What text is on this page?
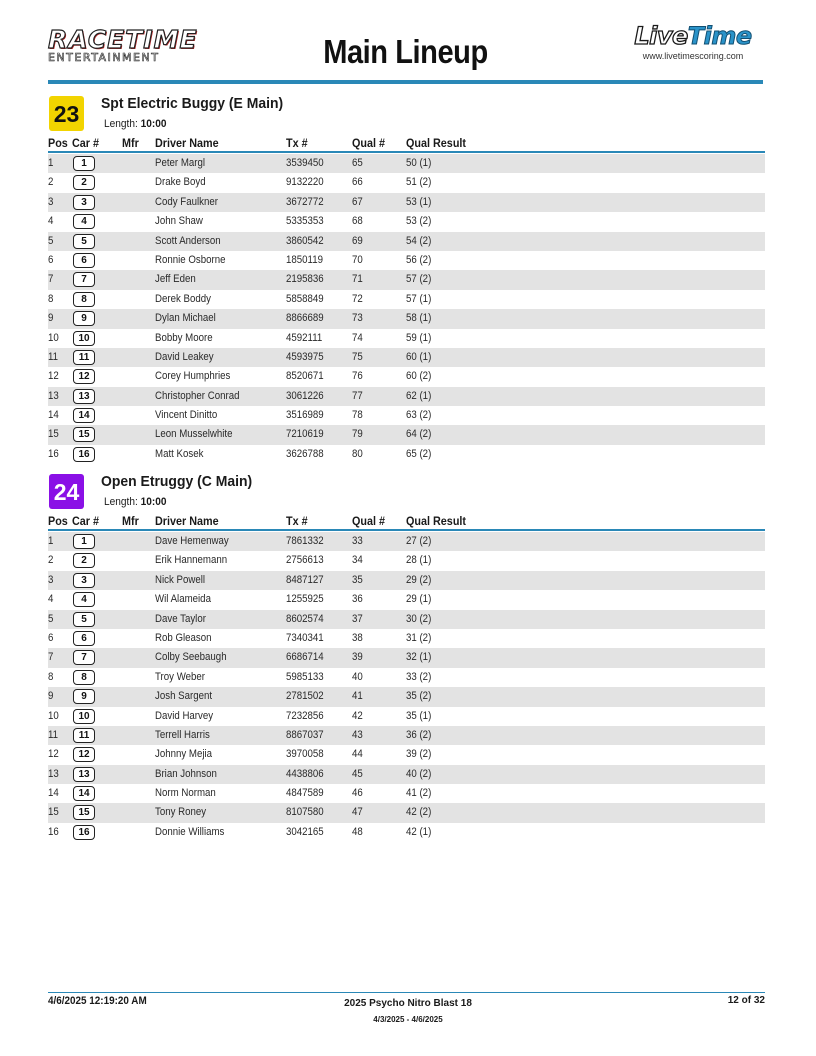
RACETIME
ENTERTAINMENT	Main Lineup	LiveTime
www.livetimescoring.com
23	Spt Electric Buggy (E Main)
Length: 10:00
Pos Car # Mfr Driver Name	Tx #	Qual # Qual Result
1	1	Peter Margl	3539450	65	50 (1)
2	2	Drake Boyd	9132220	66	51 (2)
3	3	Cody Faulkner	3672772	67	53 (1)
4	4	John Shaw	5335353	68	53 (2)
5	5	Scott Anderson	3860542	69	54 (2)
6	6	Ronnie Osborne	1850119	70	56 (2)
7	7	Jeff Eden	2195836	71	57 (2)
8	8	Derek Boddy	5858849	72	57 (1)
9	9	Dylan Michael	8866689	73	58 (1)
10	10	Bobby Moore	4592111	74	59 (1)
11	11	David Leakey	4593975	75	60 (1)
12	12	Corey Humphries	8520671	76	60 (2)
13	13	Christopher Conrad	3061226	77	62 (1)
14	14	Vincent Dinitto	3516989	78	63 (2)
15	15	Leon Musselwhite	7210619	79	64 (2)
16	16	Matt Kosek	3626788	80	65 (2)
24	Open Etruggy (C Main)
Length: 10:00
Pos Car # Mfr Driver Name	Tx #	Qual # Qual Result
1	1	Dave Hemenway	7861332	33	27 (2)
2	2	Erik Hannemann	2756613	34	28 (1)
3	3	Nick Powell	8487127	35	29 (2)
4	4	Wil Alameida	1255925	36	29 (1)
5	5	Dave Taylor	8602574	37	30 (2)
6	6	Rob Gleason	7340341	38	31 (2)
7	7	Colby Seebaugh	6686714	39	32 (1)
8	8	Troy Weber	5985133	40	33 (2)
9	9	Josh Sargent	2781502	41	35 (2)
10	10	David Harvey	7232856	42	35 (1)
11	11	Terrell Harris	8867037	43	36 (2)
12	12	Johnny Mejia	3970058	44	39 (2)
13	13	Brian Johnson	4438806	45	40 (2)
14	14	Norm Norman	4847589	46	41 (2)
15	15	Tony Roney	8107580	47	42 (2)
16	16	Donnie Williams	3042165	48	42 (1)
4/6/2025 12:19:20 AM	2025 Psycho Nitro Blast 18
4/3/2025 - 4/6/2025
12 of 32
